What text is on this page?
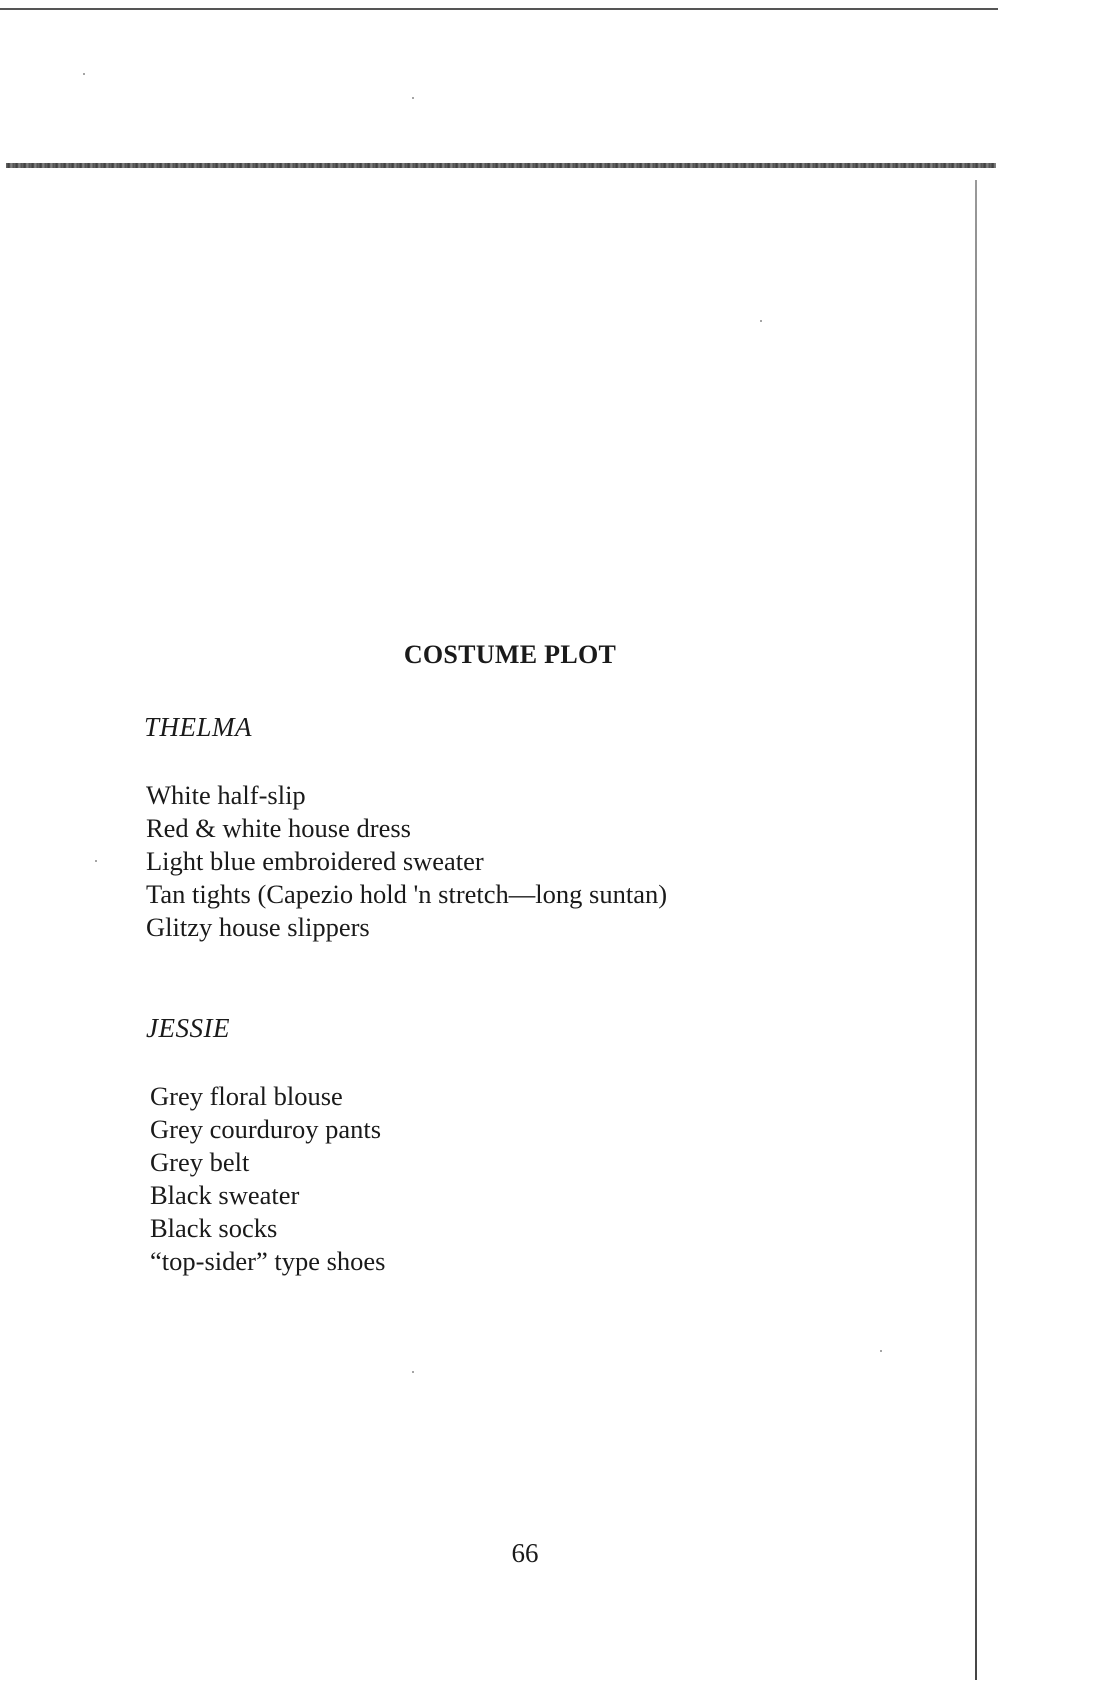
COSTUME PLOT
THELMA
White half-slip
Red & white house dress
Light blue embroidered sweater
Tan tights (Capezio hold 'n stretch—long suntan)
Glitzy house slippers
JESSIE
Grey floral blouse
Grey courduroy pants
Grey belt
Black sweater
Black socks
“top-sider” type shoes
66
